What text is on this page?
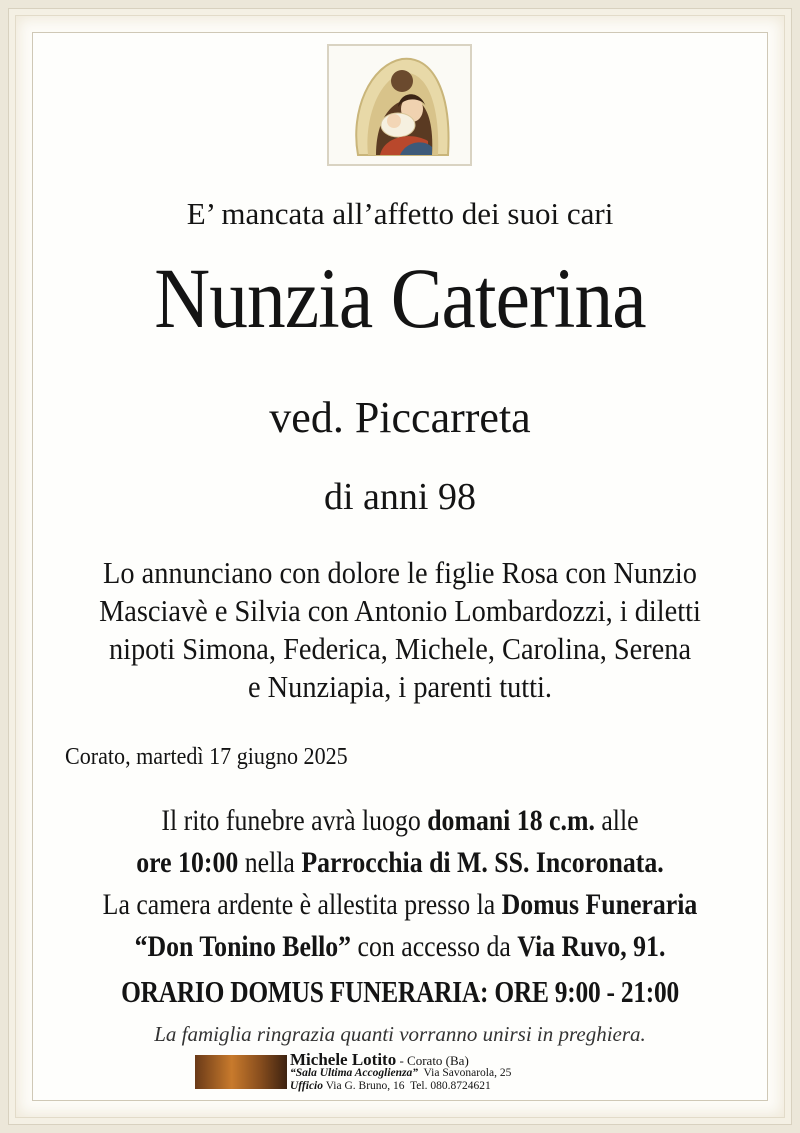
E’ mancata all’affetto dei suoi cari
Nunzia Caterina
ved. Piccarreta
di anni 98
Lo annunciano con dolore le figlie Rosa con Nunzio
Masciavè e Silvia con Antonio Lombardozzi, i diletti
nipoti Simona, Federica, Michele, Carolina, Serena
e Nunziapia, i parenti tutti.
Corato, martedì 17 giugno 2025
Il rito funebre avrà luogo domani 18 c.m. alle
ore 10:00 nella Parrocchia di M. SS. Incoronata.
La camera ardente è allestita presso la Domus Funeraria
“Don Tonino Bello” con accesso da Via Ruvo, 91.
ORARIO DOMUS FUNERARIA: ORE 9:00 - 21:00
La famiglia ringrazia quanti vorranno unirsi in preghiera.
Michele Lotito - Corato (Ba)
“Sala Ultima Accoglienza” Via Savonarola, 25
Ufficio Via G. Bruno, 16 Tel. 080.8724621
